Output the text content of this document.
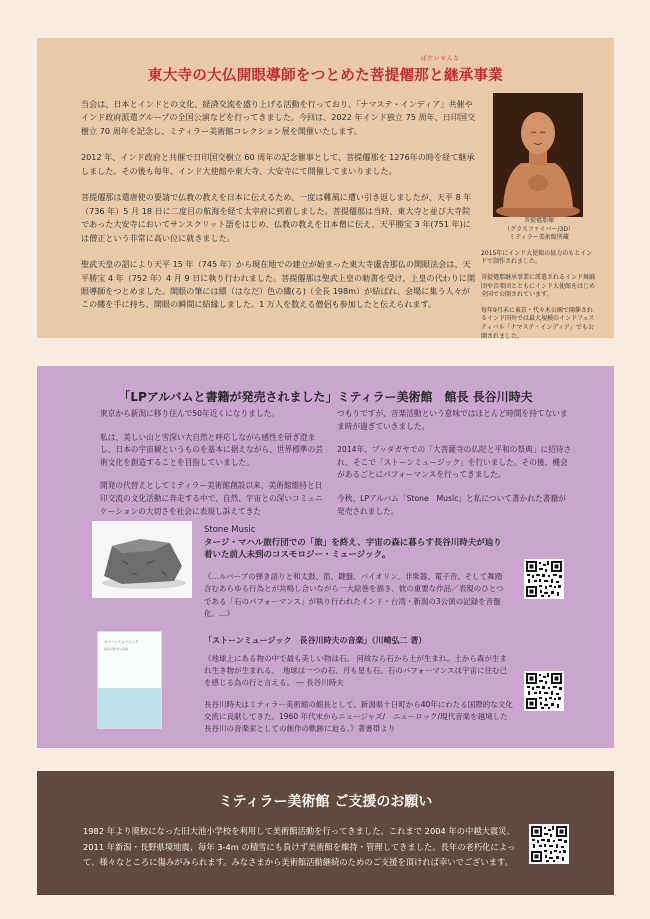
ぼだいせんな
東大寺の大仏開眼導師をつとめた菩提僊那と継承事業

当会は、日本とインドとの文化、経済交流を盛り上げる活動を行っており、「ナマステ・インディア」共催やインド政府派遣グループの全国公演などを行ってきました。今回は、2022 年インド独立 75 周年、日印国交樹立 70 周年を記念し、ミティラー美術館コレクション展を開催いたします。

2012 年、インド政府と共催で日印国交樹立 60 周年の記念催事として、菩提僊那を 1276年の時を経て継承しました。その後も毎年、インド大使館や東大寺、大安寺にて開催してまいりました。

菩提僊那は遣唐使の要請で仏教の教えを日本に伝えるため、一度は難風に遭い引き返しましたが、天平 8 年（736 年）5 月 18 日に二度目の航海を経て太宰府に到着しました。菩提僊那は当時、東大寺と並び大寺院であった大安寺においてサンスクリット語をはじめ、仏教の教えを日本僧に伝え、天平勝宝 3 年(751 年)には僧正という非常に高い位に就きました。

聖武天皇の詔により天平 15 年（745 年）から現在地での建立が始まった東大寺盧舎那仏の開眼法会は、天平勝宝 4 年（752 年）4 月 9 日に執り行われました。菩提僊那は聖武上皇の勅書を受け、上皇の代わりに開眼導師をつとめました。開眼の筆には縹（はなだ）色の縷(る)（全長 198m）が結ばれ、会場に集う人々がこの縷を手に持ち、開眼の瞬間に結縁しました。1 万人を数える僧侶も参加したと伝えられます。

菩提僊那像
（グラスファイバー/3D）
ミティラー美術館所蔵

2015年にインド大使館の協力のもとインドで制作されました。

菩提僊那継承事業に派遣されるインド舞踊団や音楽団とともにインド大使館をはじめ全国で公開されています。

毎年9月末に東京・代々木公園で開催されるインド国外では最大規模のインドフェスティバル「ナマステ・インディア」でも公開されました。

「LPアルバムと書籍が発売されました」ミティラー美術館　館長 長谷川時夫

東京から新潟に移り住んで50年近くになりました。

私は、美しい山と雪深い大自然と呼応しながら感性を研ぎ澄まし、日本の宇宙観というものを基本に据えながら、世界標準の芸術文化を創造することを目指していました。

開発の代替えとしてミティラー美術館創設以来、美術館維持と日印交流の文化活動に奔走する中で、自然、宇宙との深いコミュニケーションの大切さを社会に表現し訴えてきた

つもりですが、音楽活動という意味ではほとんど時間を持てないまま時が過ぎていきました。

2014年、ブッダガヤでの「大菩薩寺の仏陀と平和の祭典」に招待され、そこで「ストーンミュージック」を行いました。その後、機会があるごとにパフォーマンスを行ってきました。

今秋、LPアルバム「Stone　Music」と私について書かれた書籍が発売されました。

Stone Music
タージ・マハル旅行団での「旅」を終え、宇宙の森に暮らす長谷川時夫が辿り着いた前人未到のコスモロジー・ミュージック。
《…ルバーブの弾き語りと和太鼓、笛、鍵盤、バイオリン、非楽器、電子音、そして舞踏含むあらゆる行為とが共鳴し合いながら一大絵巻を描き、彼の重要な作品／表現のひとつである「石のパフォーマンス」が執り行われたインド・台湾・新潟の3公演の記録を音盤化。…》
ストーンミュージック
長谷川時夫の音楽
「ストーンミュージック　長谷川時夫の音楽」（川崎弘二 著）

《地球上にある物の中で最も美しい物は石。 何故なら石から土が生まれ。土から森が生まれ生き物が生まれる。　地球は一つの石、月も星も石。石のパフォーマンスは宇宙に住む己を感じる為の行と言える。 ― 長谷川時夫

長谷川時夫はミティラー美術館の館長として、新潟県十日町から40年にわたる国際的な文化交流に貢献してきた。1960 年代末からニュージャズ/　ニューロック/現代音楽を越境した長谷川の音楽家としての創作の軌跡に迫る。》著書帯より

ミティラー美術館 ご支援のお願い
1982 年より廃校になった旧大池小学校を利用して美術館活動を行ってきました。これまで 2004 年の中越大震災、2011 年新潟・長野県境地震、毎年 3-4m の積雪にも負けず美術館を維持・管理してきました。長年の老朽化によって、様々なところに傷みがみられます。みなさまから美術館活動継続のためのご支援を頂ければ幸いでございます。
